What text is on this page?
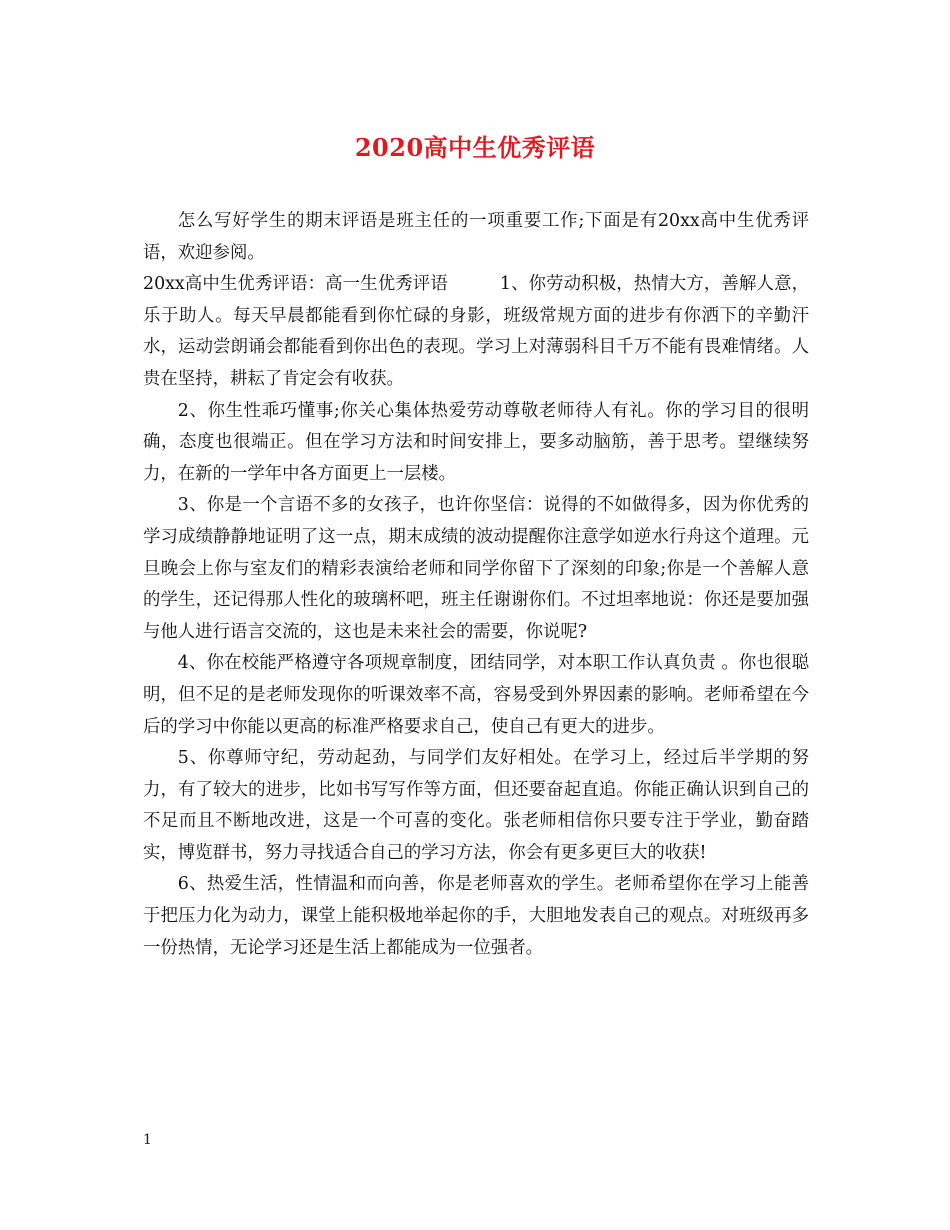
2020高中生优秀评语

怎么写好学生的期末评语是班主任的一项重要工作;下面是有20xx高中生优秀评语，欢迎参阅。

20xx高中生优秀评语：高一生优秀评语	1、你劳动积极，热情大方，善解人意，乐于助人。每天早晨都能看到你忙碌的身影，班级常规方面的进步有你洒下的辛勤汗水，运动尝朗诵会都能看到你出色的表现。学习上对薄弱科目千万不能有畏难情绪。人贵在坚持，耕耘了肯定会有收获。

2、你生性乖巧懂事;你关心集体热爱劳动尊敬老师待人有礼。你的学习目的很明确，态度也很端正。但在学习方法和时间安排上，要多动脑筋，善于思考。望继续努力，在新的一学年中各方面更上一层楼。

3、你是一个言语不多的女孩子，也许你坚信：说得的不如做得多，因为你优秀的学习成绩静静地证明了这一点，期末成绩的波动提醒你注意学如逆水行舟这个道理。元旦晚会上你与室友们的精彩表演给老师和同学你留下了深刻的印象;你是一个善解人意的学生，还记得那人性化的玻璃杯吧，班主任谢谢你们。不过坦率地说：你还是要加强与他人进行语言交流的，这也是未来社会的需要，你说呢?

4、你在校能严格遵守各项规章制度，团结同学，对本职工作认真负责 。你也很聪明，但不足的是老师发现你的听课效率不高，容易受到外界因素的影响。老师希望在今后的学习中你能以更高的标准严格要求自己，使自己有更大的进步。

5、你尊师守纪，劳动起劲，与同学们友好相处。在学习上，经过后半学期的努力，有了较大的进步，比如书写写作等方面，但还要奋起直追。你能正确认识到自己的不足而且不断地改进，这是一个可喜的变化。张老师相信你只要专注于学业，勤奋踏实，博览群书，努力寻找适合自己的学习方法，你会有更多更巨大的收获!

6、热爱生活，性情温和而向善，你是老师喜欢的学生。老师希望你在学习上能善于把压力化为动力，课堂上能积极地举起你的手，大胆地发表自己的观点。对班级再多一份热情，无论学习还是生活上都能成为一位强者。

1
